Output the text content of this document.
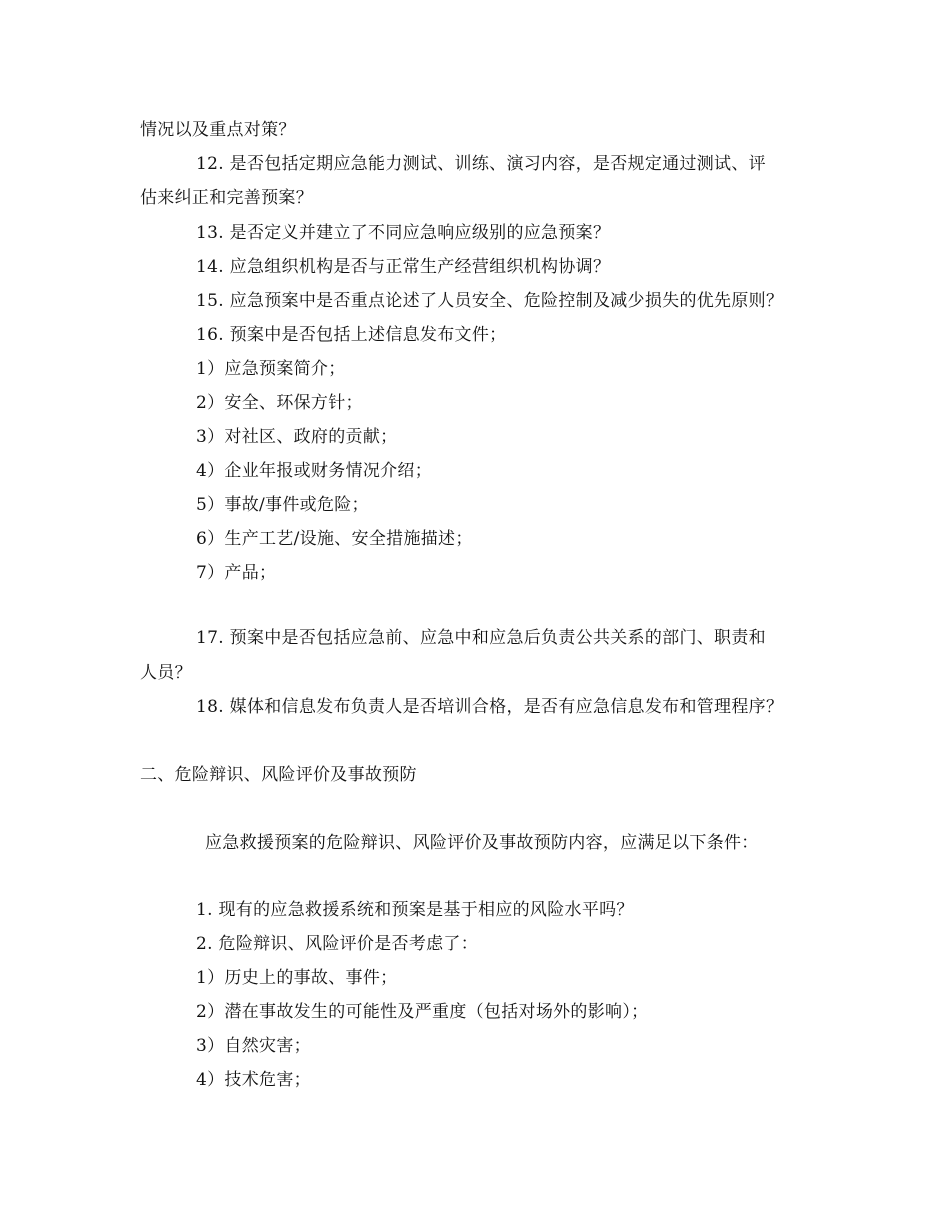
情况以及重点对策？
12. 是否包括定期应急能力测试、训练、演习内容，是否规定通过测试、评
估来纠正和完善预案？
13. 是否定义并建立了不同应急响应级别的应急预案？
14. 应急组织机构是否与正常生产经营组织机构协调？
15. 应急预案中是否重点论述了人员安全、危险控制及减少损失的优先原则？
16. 预案中是否包括上述信息发布文件；
1）应急预案简介；
2）安全、环保方针；
3）对社区、政府的贡献；
4）企业年报或财务情况介绍；
5）事故/事件或危险；
6）生产工艺/设施、安全措施描述；
7）产品；
17. 预案中是否包括应急前、应急中和应急后负责公共关系的部门、职责和
人员？
18. 媒体和信息发布负责人是否培训合格，是否有应急信息发布和管理程序？
二、危险辩识、风险评价及事故预防
应急救援预案的危险辩识、风险评价及事故预防内容，应满足以下条件：
1. 现有的应急救援系统和预案是基于相应的风险水平吗？
2. 危险辩识、风险评价是否考虑了：
1）历史上的事故、事件；
2）潜在事故发生的可能性及严重度（包括对场外的影响）；
3）自然灾害；
4）技术危害；
